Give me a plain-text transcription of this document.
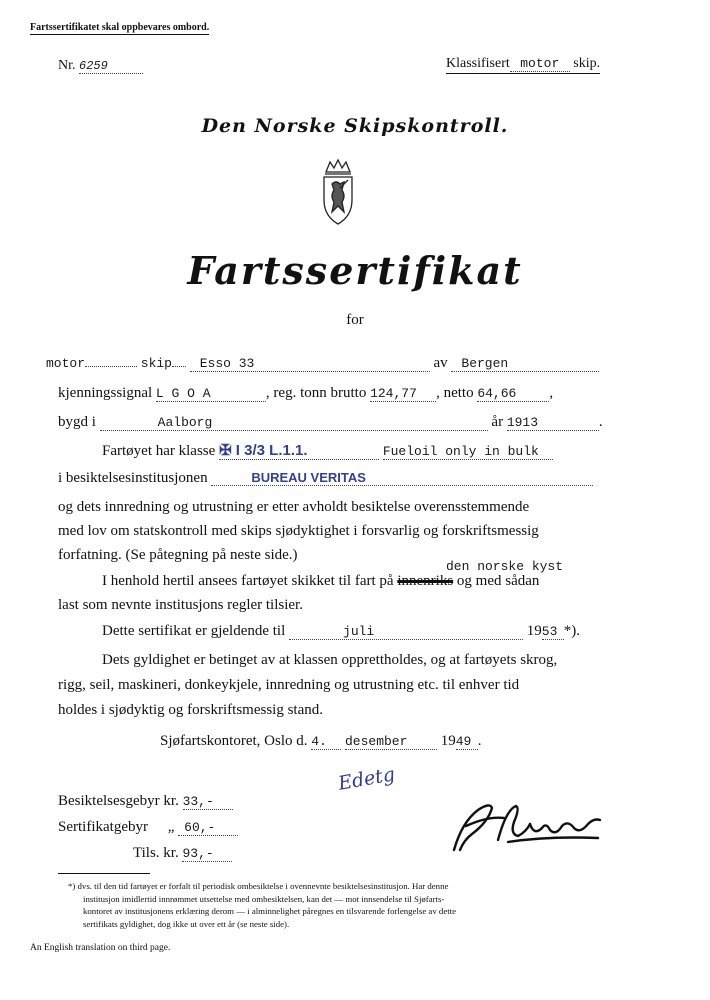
Fartssertifikatet skal oppbevares ombord.
Nr. 6259	Klassifisert motor skip.
Den Norske Skipskontroll.
Fartssertifikat
for
motor	skip Esso 33	av Bergen
kjenningssignal L G O A	, reg. tonn brutto 124,77 , netto 64,66 ,
bygd i	Aalborg	år 1913	.
Fartøyet har klasse ✠ I 3/3 L.1.1.	Fueloil only in bulk
i besiktelsesinstitusjonen	BUREAU VERITAS
og dets innredning og utrustning er etter avholdt besiktelse overensstemmende
med lov om statskontroll med skips sjødyktighet i forsvarlig og forskriftsmessig
forfatning. (Se påtegning på neste side.)
den norske kyst
I henhold hertil ansees fartøyet skikket til fart på innenriks og med sådan
last som nevnte institusjons regler tilsier.
Dette sertifikat er gjeldende til	juli	1953 *).
Dets gyldighet er betinget av at klassen opprettholdes, og at fartøyets skrog,
rigg, seil, maskineri, donkeykjele, innredning og utrustning etc. til enhver tid
holdes i sjødyktig og forskriftsmessig stand.
Sjøfartskontoret, Oslo d. 4. desember 1949 .
Edetg
Besiktelsesgebyr kr. 33,-
Sertifikatgebyr „ 60,-
Tils. kr. 93,-
*) dvs. til den tid fartøyet er forfalt til periodisk ombesiktelse i ovennevnte besiktelsesinstitusjon. Har denne
institusjon imidlertid innrømmet utsettelse med ombesiktelsen, kan det — mot innsendelse til Sjøfarts-
kontoret av institusjonens erklæring derom — i alminnelighet påregnes en tilsvarende forlengelse av dette
sertifikats gyldighet, dog ikke ut over ett år (se neste side).
An English translation on third page.
